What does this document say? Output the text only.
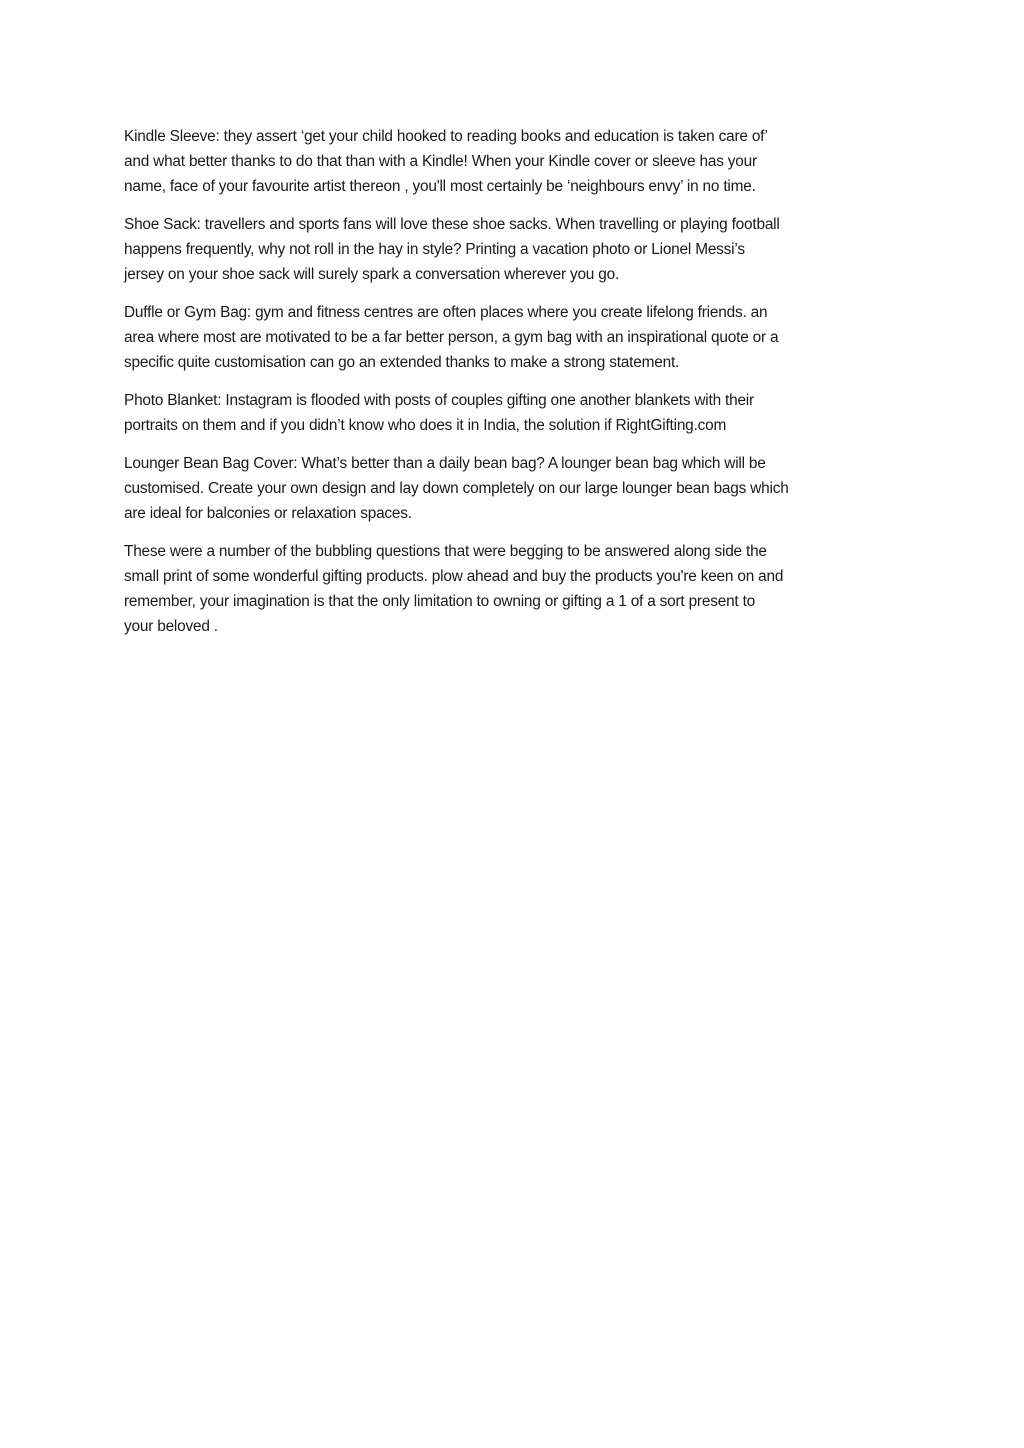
Kindle Sleeve: they assert ‘get your child hooked to reading books and education is taken care of’
and what better thanks to do that than with a Kindle! When your Kindle cover or sleeve has your
name, face of your favourite artist thereon , you'll most certainly be ‘neighbours envy’ in no time.

Shoe Sack: travellers and sports fans will love these shoe sacks. When travelling or playing football
happens frequently, why not roll in the hay in style? Printing a vacation photo or Lionel Messi’s
jersey on your shoe sack will surely spark a conversation wherever you go.

Duffle or Gym Bag: gym and fitness centres are often places where you create lifelong friends. an
area where most are motivated to be a far better person, a gym bag with an inspirational quote or a
specific quite customisation can go an extended thanks to make a strong statement.

Photo Blanket: Instagram is flooded with posts of couples gifting one another blankets with their
portraits on them and if you didn’t know who does it in India, the solution if RightGifting.com

Lounger Bean Bag Cover: What’s better than a daily bean bag? A lounger bean bag which will be
customised. Create your own design and lay down completely on our large lounger bean bags which
are ideal for balconies or relaxation spaces.

These were a number of the bubbling questions that were begging to be answered along side the
small print of some wonderful gifting products. plow ahead and buy the products you're keen on and
remember, your imagination is that the only limitation to owning or gifting a 1 of a sort present to
your beloved .
